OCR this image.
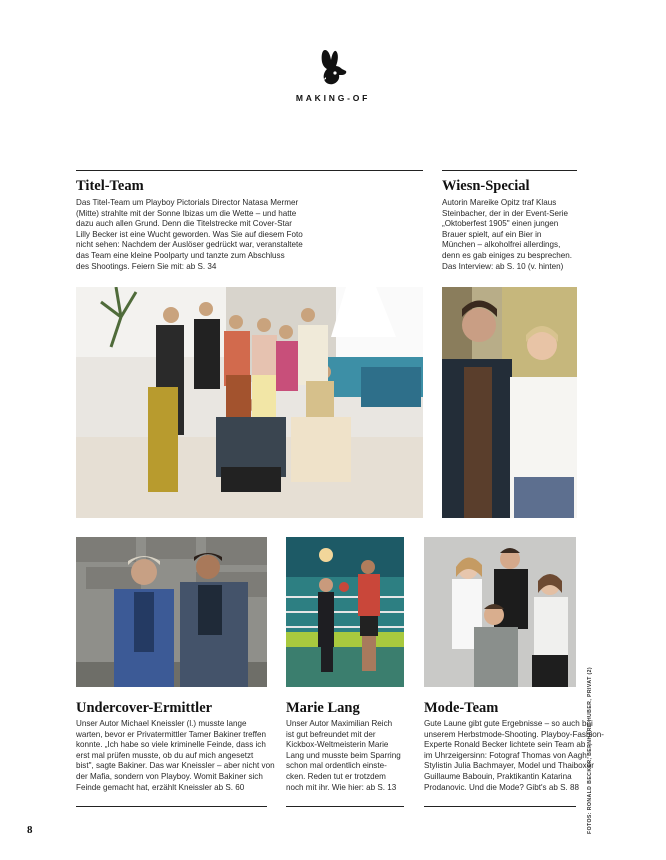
MAKING-OF
Titel-Team
Das Titel-Team um Playboy Pictorials Director Natasa Mermer
(Mitte) strahlte mit der Sonne Ibizas um die Wette – und hatte
dazu auch allen Grund. Denn die Titelstrecke mit Cover-Star
Lilly Becker ist eine Wucht geworden. Was Sie auf diesem Foto
nicht sehen: Nachdem der Auslöser gedrückt war, veranstaltete
das Team eine kleine Poolparty und tanzte zum Abschluss
des Shootings. Feiern Sie mit: ab S. 34
Wiesn-Special
Autorin Mareike Opitz traf Klaus
Steinbacher, der in der Event-Serie
„Oktoberfest 1905" einen jungen
Brauer spielt, auf ein Bier in
München – alkoholfrei allerdings,
denn es gab einiges zu besprechen.
Das Interview: ab S. 10 (v. hinten)
Undercover-Ermittler
Unser Autor Michael Kneissler (l.) musste lange
warten, bevor er Privatermittler Tamer Bakiner treffen
konnte. „Ich habe so viele kriminelle Feinde, dass ich
erst mal prüfen musste, ob du auf mich angesetzt
bist", sagte Bakiner. Das war Kneissler – aber nicht von
der Mafia, sondern von Playboy. Womit Bakiner sich
Feinde gemacht hat, erzählt Kneissler ab S. 60
Marie Lang
Unser Autor Maximilian Reich
ist gut befreundet mit der
Kickbox-Weltmeisterin Marie
Lang und musste beim Sparring
schon mal ordentlich einste-
cken. Reden tut er trotzdem
noch mit ihr. Wie hier: ab S. 13
Mode-Team
Gute Laune gibt gute Ergebnisse – so auch bei
unserem Herbstmode-Shooting. Playboy-Fashion-
Experte Ronald Becker lichtete sein Team ab –
im Uhrzeigersinn: Fotograf Thomas von Aagh,
Stylistin Julia Bachmayer, Model und Thaiboxer
Guillaume Babouin, Praktikantin Katarina
Prodanovic. Und die Mode? Gibt's ab S. 88	FOTOS: RONALD BECKER, BERNHARD HUBER, PRIVAT (2)
8
